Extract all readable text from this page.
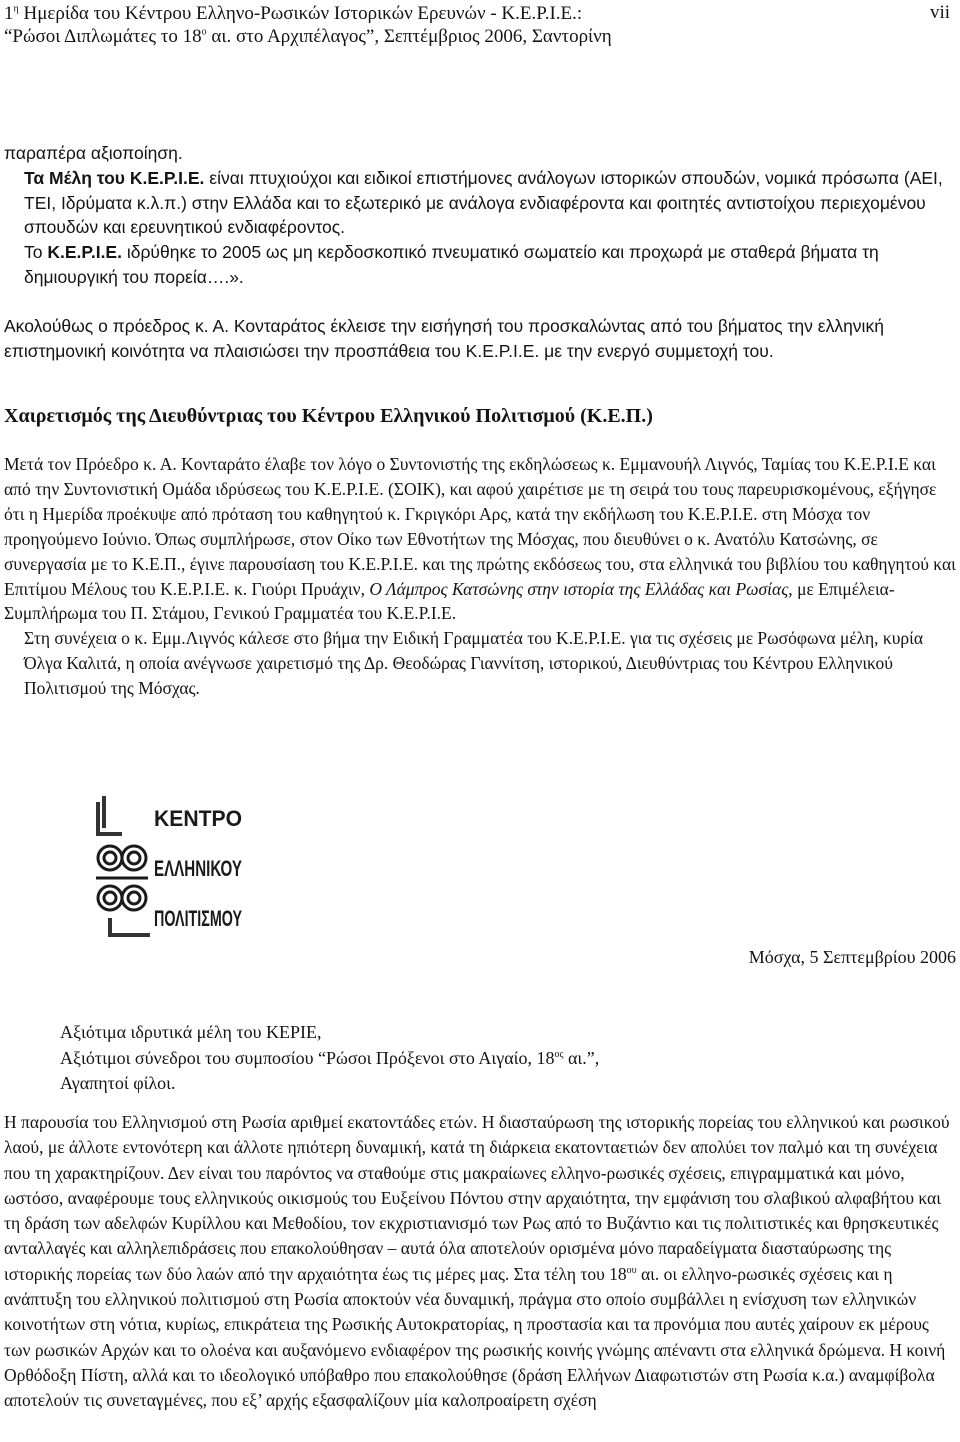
$1^\eta$ Ημερίδα του Κέντρου Ελληνο-Ρωσικών Ιστορικών Ερευνών - Κ.Ε.Ρ.Ι.Ε.:
“Ρώσοι Διπλωμάτες το $18^o$ αι. στο Αρχιπέλαγος”, Σεπτέμβριος 2006, Σαντορίνη
vii

παραπέρα αξιοποίηση.

Τα Μέλη του Κ.Ε.Ρ.Ι.Ε. είναι πτυχιούχοι και ειδικοί επιστήμονες ανάλογων ιστορικών σπουδών, νομικά πρόσωπα (ΑΕΙ, ΤΕΙ, Ιδρύματα κ.λ.π.) στην Ελλάδα και το εξωτερικό με ανάλογα ενδιαφέροντα και φοιτητές αντιστοίχου περιεχομένου σπουδών και ερευνητικού ενδιαφέροντος.

Το Κ.Ε.Ρ.Ι.Ε. ιδρύθηκε το 2005 ως μη κερδοσκοπικό πνευματικό σωματείο και προχωρά με σταθερά βήματα τη δημιουργική του πορεία….».

Ακολούθως ο πρόεδρος κ. Α. Κονταράτος έκλεισε την εισήγησή του προσκαλώντας από του βήματος την ελληνική επιστημονική κοινότητα να πλαισιώσει την προσπάθεια του Κ.Ε.Ρ.Ι.Ε. με την ενεργό συμμετοχή του.

Χαιρετισμός της Διευθύντριας του Κέντρου Ελληνικού Πολιτισμού (Κ.Ε.Π.)

Μετά τον Πρόεδρο κ. Α. Κονταράτο έλαβε τον λόγο ο Συντονιστής της εκδηλώσεως κ. Εμμανουήλ Λιγνός, Ταμίας του Κ.Ε.Ρ.Ι.Ε και από την Συντονιστική Ομάδα ιδρύσεως του Κ.Ε.Ρ.Ι.Ε. (ΣΟΙΚ), και αφού χαιρέτισε με τη σειρά του τους παρευρισκομένους, εξήγησε ότι η Ημερίδα προέκυψε από πρόταση του καθηγητού κ. Γκριγκόρι Αρς, κατά την εκδήλωση του Κ.Ε.Ρ.Ι.Ε. στη Μόσχα τον προηγούμενο Ιούνιο. Όπως συμπλήρωσε, στον Οίκο των Εθνοτήτων της Μόσχας, που διευθύνει ο κ. Ανατόλυ Κατσώνης, σε συνεργασία με το Κ.Ε.Π., έγινε παρουσίαση του Κ.Ε.Ρ.Ι.Ε. και της πρώτης εκδόσεως του, στα ελληνικά του βιβλίου του καθηγητού και Επιτίμου Μέλους του Κ.Ε.Ρ.Ι.Ε. κ. Γιούρι Πρυάχιν, Ο Λάμπρος Κατσώνης στην ιστορία της Ελλάδας και Ρωσίας, με Επιμέλεια-Συμπλήρωμα του Π. Στάμου, Γενικού Γραμματέα του Κ.Ε.Ρ.Ι.Ε.

Στη συνέχεια ο κ. Εμμ.Λιγνός κάλεσε στο βήμα την Ειδική Γραμματέα του Κ.Ε.Ρ.Ι.Ε. για τις σχέσεις με Ρωσόφωνα μέλη, κυρία Όλγα Καλιτά, η οποία ανέγνωσε χαιρετισμό της Δρ. Θεοδώρας Γιαννίτση, ιστορικού, Διευθύντριας του Κέντρου Ελληνικού Πολιτισμού της Μόσχας.

ΚΕΝΤΡΟ
ΕΛΛΗΝΙΚΟΥ
ΠΟΛΙΤΙΣΜΟΥ
Μόσχα, 5 Σεπτεμβρίου 2006

Αξιότιμα ιδρυτικά μέλη του ΚΕΡΙΕ,

Αξιότιμοι σύνεδροι του συμποσίου “Ρώσοι Πρόξενοι στο Αιγαίο, $18^{o\varsigma}$ αι.”,

Αγαπητοί φίλοι.

Η παρουσία του Ελληνισμού στη Ρωσία αριθμεί εκατοντάδες ετών. Η διασταύρωση της ιστορικής πορείας του ελληνικού και ρωσικού λαού, με άλλοτε εντονότερη και άλλοτε ηπιότερη δυναμική, κατά τη διάρκεια εκατονταετιών δεν απολύει τον παλμό και τη συνέχεια που τη χαρακτηρίζουν. Δεν είναι του παρόντος να σταθούμε στις μακραίωνες ελληνο-ρωσικές σχέσεις, επιγραμματικά και μόνο, ωστόσο, αναφέρουμε τους ελληνικούς οικισμούς του Ευξείνου Πόντου στην αρχαιότητα, την εμφάνιση του σλαβικού αλφαβήτου και τη δράση των αδελφών Κυρίλλου και Μεθοδίου, τον εκχριστιανισμό των Ρως από το Βυζάντιο και τις πολιτιστικές και θρησκευτικές ανταλλαγές και αλληλεπιδράσεις που επακολούθησαν – αυτά όλα αποτελούν ορισμένα μόνο παραδείγματα διασταύρωσης της ιστορικής πορείας των δύο λαών από την αρχαιότητα έως τις μέρες μας. Στα τέλη του $18^{o\upsilon}$ αι. οι ελληνο-ρωσικές σχέσεις και η ανάπτυξη του ελληνικού πολιτισμού στη Ρωσία αποκτούν νέα δυναμική, πράγμα στο οποίο συμβάλλει η ενίσχυση των ελληνικών κοινοτήτων στη νότια, κυρίως, επικράτεια της Ρωσικής Αυτοκρατορίας, η προστασία και τα προνόμια που αυτές χαίρουν εκ μέρους των ρωσικών Αρχών και το ολοένα και αυξανόμενο ενδιαφέρον της ρωσικής κοινής γνώμης απέναντι στα ελληνικά δρώμενα. Η κοινή Ορθόδοξη Πίστη, αλλά και το ιδεολογικό υπόβαθρο που επακολούθησε (δράση Ελλήνων Διαφωτιστών στη Ρωσία κ.α.) αναμφίβολα αποτελούν τις συνεταγμένες, που εξ’ αρχής εξασφαλίζουν μία καλοπροαίρετη σχέση
